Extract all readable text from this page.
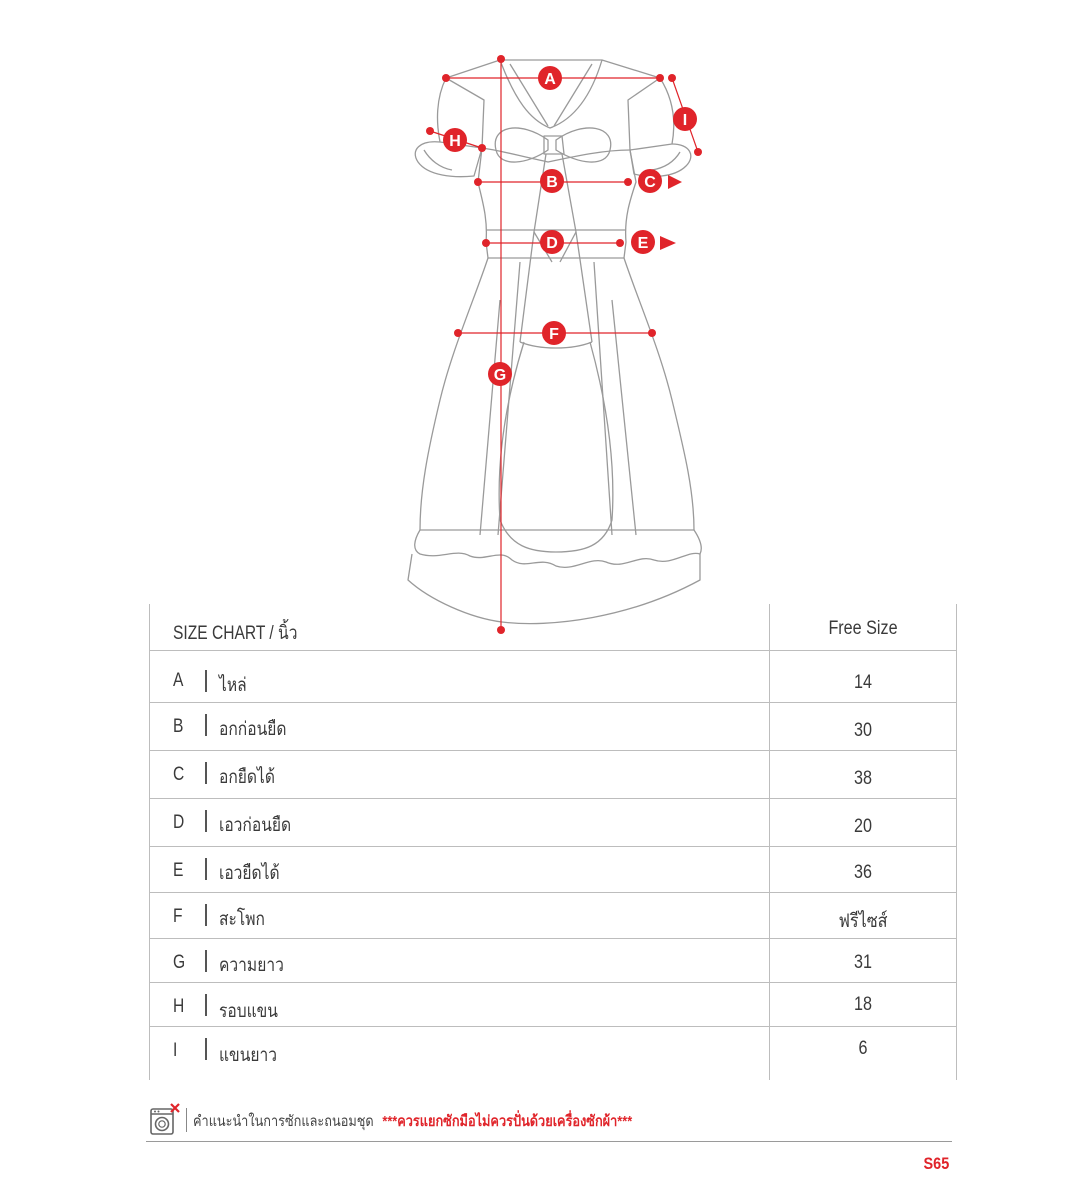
A
B	C
D	E
F
G
H
I
SIZE CHART / นิ้ว	Free Size
A ไหล่	14
B อกก่อนยืด	30
C อกยืดได้	38
D เอวก่อนยืด	20
E เอวยืดได้	36
F สะโพก	ฟรีไซส์
G ความยาว	31
H รอบแขน	18
I แขนยาว	6
คำแนะนำในการซักและถนอมชุด ***ควรแยกซักมือไม่ควรปั่นด้วยเครื่องซักผ้า***
S65
